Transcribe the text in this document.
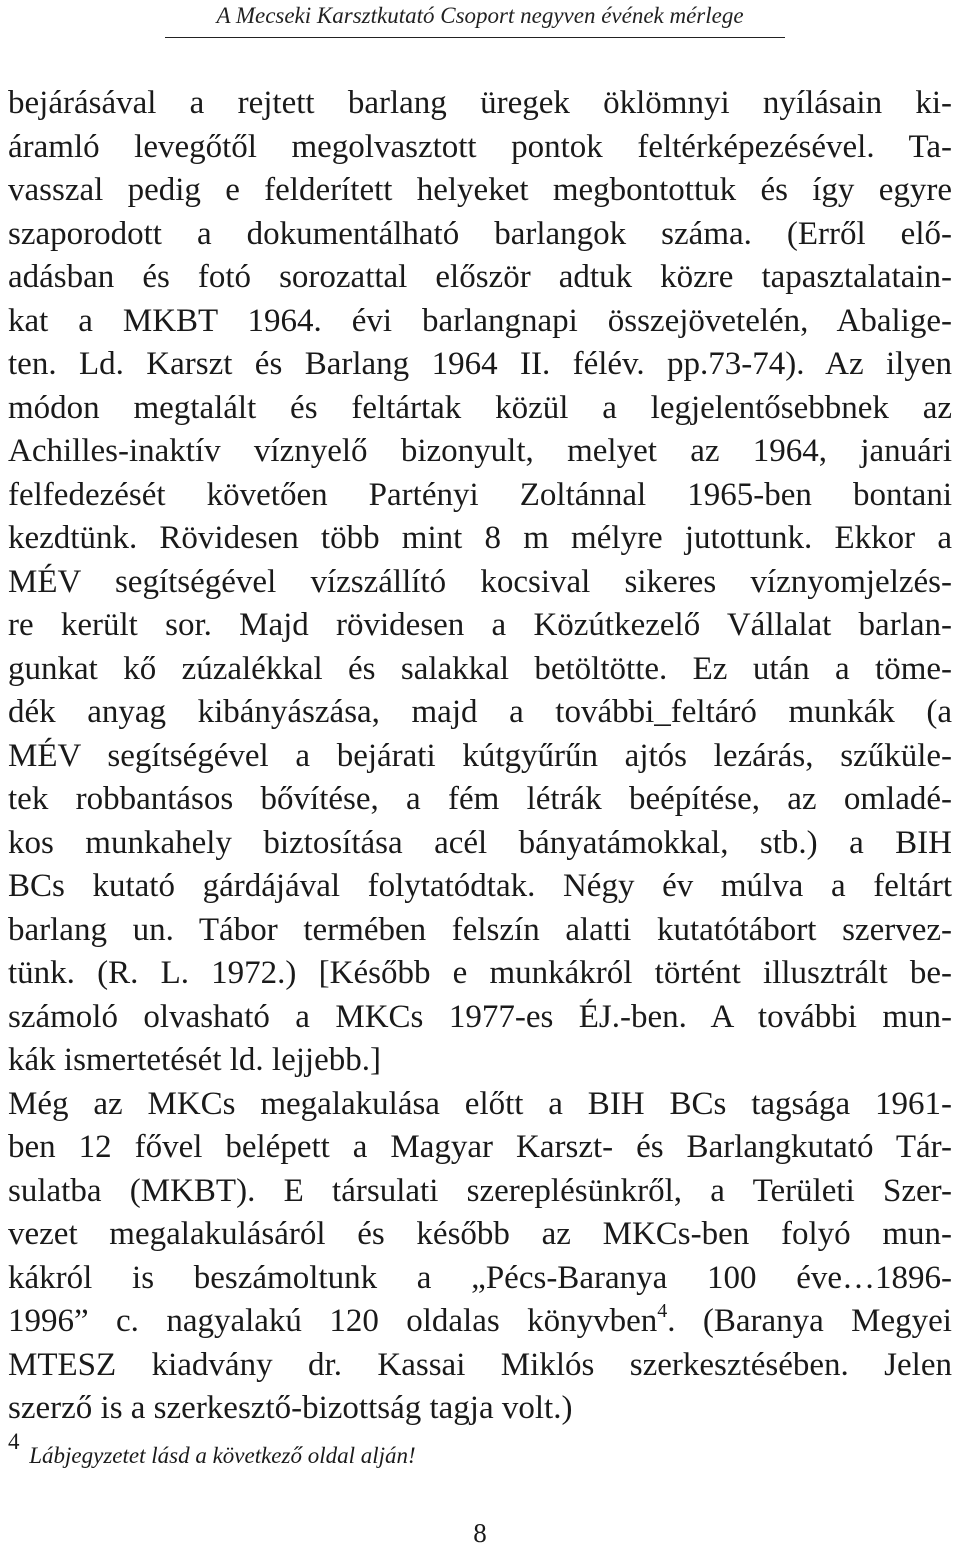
A Mecseki Karsztkutató Csoport negyven évének mérlege
bejárásával a rejtett barlang üregek öklömnyi nyílásain ki-
áramló levegőtől megolvasztott pontok feltérképezésével. Ta-
vasszal pedig e felderített helyeket megbontottuk és így egyre
szaporodott a dokumentálható barlangok száma. (Erről elő-
adásban és fotó sorozattal először adtuk közre tapasztalatain-
kat a MKBT 1964. évi barlangnapi összejövetelén, Abalige-
ten. Ld. Karszt és Barlang 1964 II. félév. pp.73-74). Az ilyen
módon megtalált és feltártak közül a legjelentősebbnek az
Achilles-inaktív víznyelő bizonyult, melyet az 1964, januári
felfedezését követően Partényi Zoltánnal 1965-ben bontani
kezdtünk. Rövidesen több mint 8 m mélyre jutottunk. Ekkor a
MÉV segítségével vízszállító kocsival sikeres víznyomjelzés-
re került sor. Majd rövidesen a Közútkezelő Vállalat barlan-
gunkat kő zúzalékkal és salakkal betöltötte. Ez után a töme-
dék anyag kibányászása, majd a további_feltáró munkák (a
MÉV segítségével a bejárati kútgyűrűn ajtós lezárás, szűküle-
tek robbantásos bővítése, a fém létrák beépítése, az omladé-
kos munkahely biztosítása acél bányatámokkal, stb.) a BIH
BCs kutató gárdájával folytatódtak. Négy év múlva a feltárt
barlang un. Tábor termében felszín alatti kutatótábort szervez-
tünk. (R. L. 1972.) [Később e munkákról történt illusztrált be-
számoló olvasható a MKCs 1977-es ÉJ.-ben. A további mun-
kák ismertetését ld. lejjebb.]
Még az MKCs megalakulása előtt a BIH BCs tagsága 1961-
ben 12 fővel belépett a Magyar Karszt- és Barlangkutató Tár-
sulatba (MKBT). E társulati szereplésünkről, a Területi Szer-
vezet megalakulásáról és később az MKCs-ben folyó mun-
kákról is beszámoltunk a „Pécs-Baranya 100 éve…1896-
1996” c. nagyalakú 120 oldalas könyvben$^4$. (Baranya Megyei
MTESZ kiadvány dr. Kassai Miklós szerkesztésében. Jelen
szerző is a szerkesztő-bizottság tagja volt.)
4 Lábjegyzetet lásd a következő oldal alján!
8
